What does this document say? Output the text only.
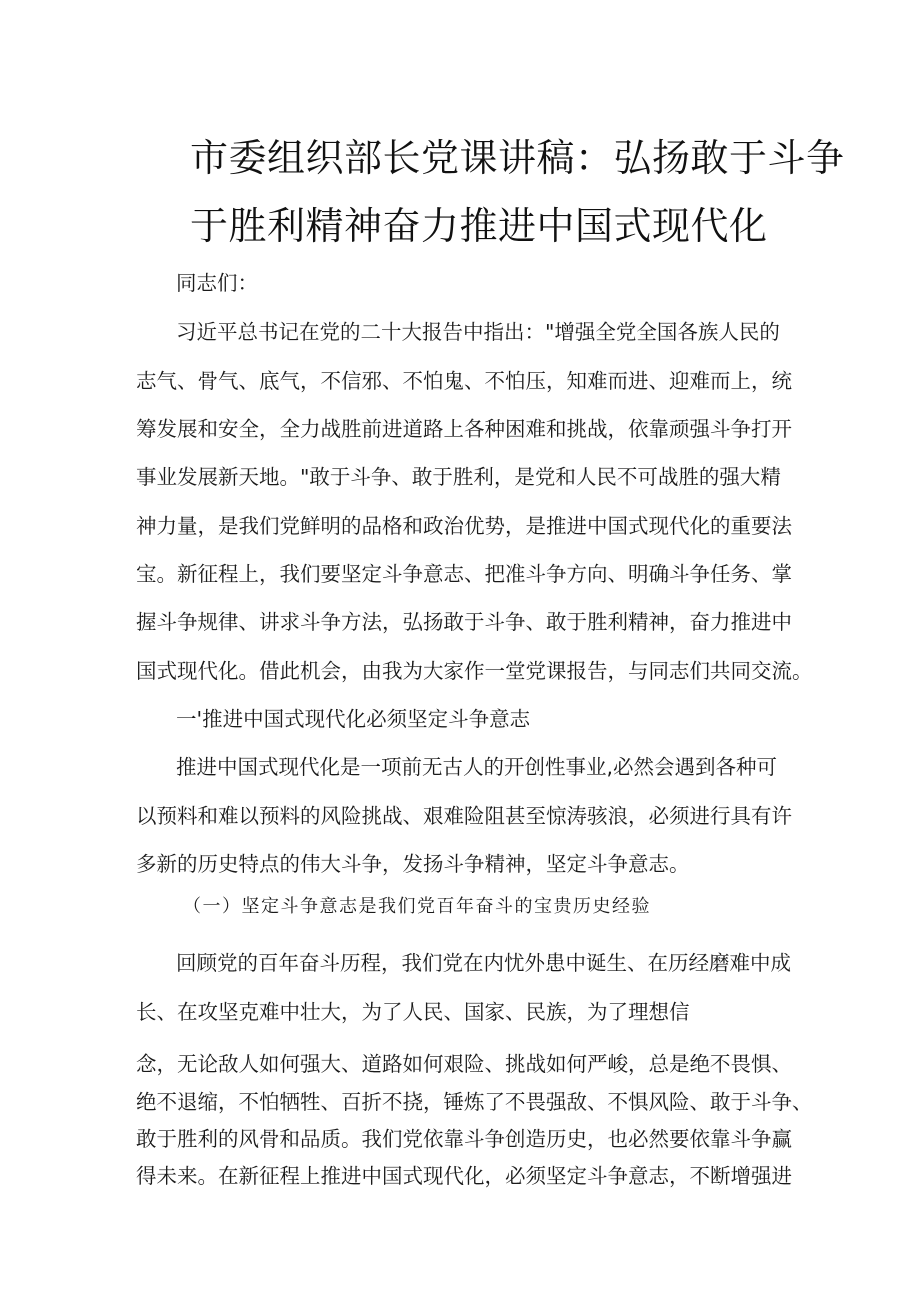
市委组织部长党课讲稿：弘扬敢于斗争
于胜利精神奋力推进中国式现代化
同志们：
习近平总书记在党的二十大报告中指出："增强全党全国各族人民的
志气、骨气、底气，不信邪、不怕鬼、不怕压，知难而进、迎难而上，统
筹发展和安全，全力战胜前进道路上各种困难和挑战，依靠顽强斗争打开
事业发展新天地。"敢于斗争、敢于胜利，是党和人民不可战胜的强大精
神力量，是我们党鲜明的品格和政治优势，是推进中国式现代化的重要法
宝。新征程上，我们要坚定斗争意志、把准斗争方向、明确斗争任务、掌
握斗争规律、讲求斗争方法，弘扬敢于斗争、敢于胜利精神，奋力推进中
国式现代化。借此机会，由我为大家作一堂党课报告，与同志们共同交流。
一'推进中国式现代化必须坚定斗争意志
推进中国式现代化是一项前无古人的开创性事业,必然会遇到各种可
以预料和难以预料的风险挑战、艰难险阻甚至惊涛骇浪，必须进行具有许
多新的历史特点的伟大斗争，发扬斗争精神，坚定斗争意志。
（一）坚定斗争意志是我们党百年奋斗的宝贵历史经验
回顾党的百年奋斗历程，我们党在内忧外患中诞生、在历经磨难中成
长、在攻坚克难中壮大，为了人民、国家、民族，为了理想信
念，无论敌人如何强大、道路如何艰险、挑战如何严峻，总是绝不畏惧、
绝不退缩，不怕牺牲、百折不挠，锤炼了不畏强敌、不惧风险、敢于斗争、
敢于胜利的风骨和品质。我们党依靠斗争创造历史，也必然要依靠斗争赢
得未来。在新征程上推进中国式现代化，必须坚定斗争意志，不断增强进
